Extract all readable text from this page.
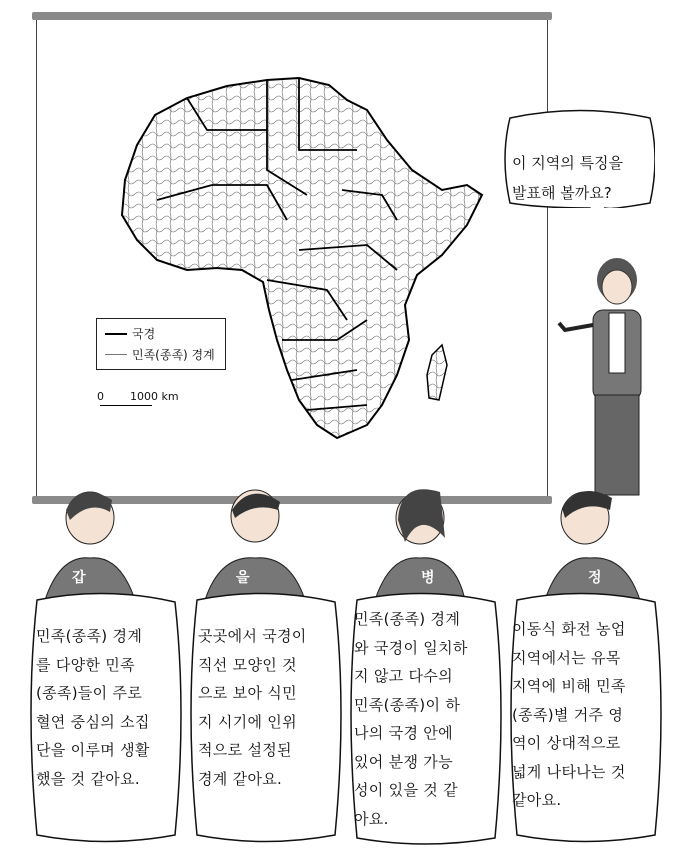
국경
민족(종족) 경계
0 1000 km
이 지역의 특징을
발표해 볼까요?
갑	을	병	정
민족(종족) 경계
를 다양한 민족
(종족)들이 주로
혈연 중심의 소집
단을 이루며 생활
했을 것 같아요.
곳곳에서 국경이
직선 모양인 것
으로 보아 식민
지 시기에 인위
적으로 설정된
경계 같아요.
민족(종족) 경계
와 국경이 일치하
지 않고 다수의
민족(종족)이 하
나의 국경 안에
있어 분쟁 가능
성이 있을 것 같
아요.
이동식 화전 농업
지역에서는 유목
지역에 비해 민족
(종족)별 거주 영
역이 상대적으로
넓게 나타나는 것
같아요.
